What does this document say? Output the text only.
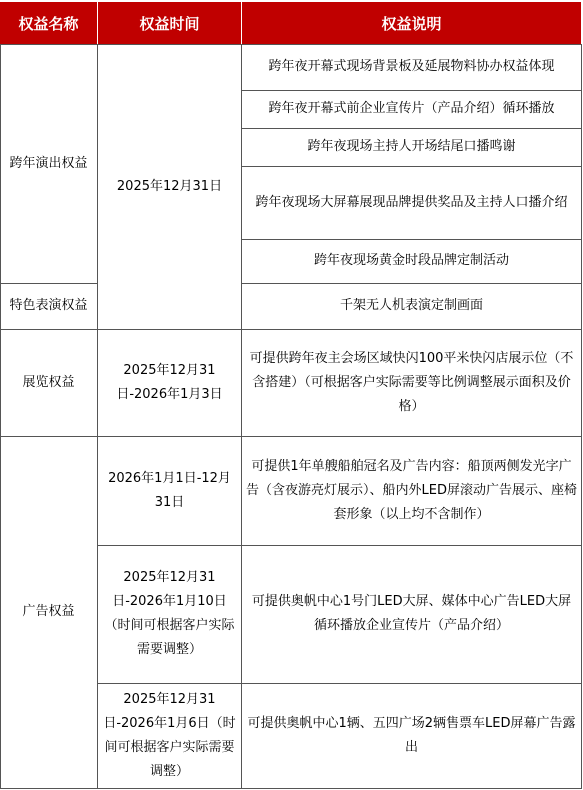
权益名称	权益时间	权益说明
跨年演出权益
特色表演权益
展览权益
广告权益
2025年12月31日
2025年12月31日-2026年1月3日
2026年1月1日-12月31日
2025年12月31日-2026年1月10日（时间可根据客户实际需要调整）
2025年12月31日-2026年1月6日（时间可根据客户实际需要调整）
跨年夜开幕式现场背景板及延展物料协办权益体现
跨年夜开幕式前企业宣传片（产品介绍）循环播放
跨年夜现场主持人开场结尾口播鸣谢
跨年夜现场大屏幕展现品牌提供奖品及主持人口播介绍
跨年夜现场黄金时段品牌定制活动
千架无人机表演定制画面
可提供跨年夜主会场区域快闪100平米快闪店展示位（不含搭建）（可根据客户实际需要等比例调整展示面积及价格）
可提供1年单艘船舶冠名及广告内容：船顶两侧发光字广告（含夜游亮灯展示）、船内外LED屏滚动广告展示、座椅套形象（以上均不含制作）
可提供奥帆中心1号门LED大屏、媒体中心广告LED大屏循环播放企业宣传片（产品介绍）
可提供奥帆中心1辆、五四广场2辆售票车LED屏幕广告露出
